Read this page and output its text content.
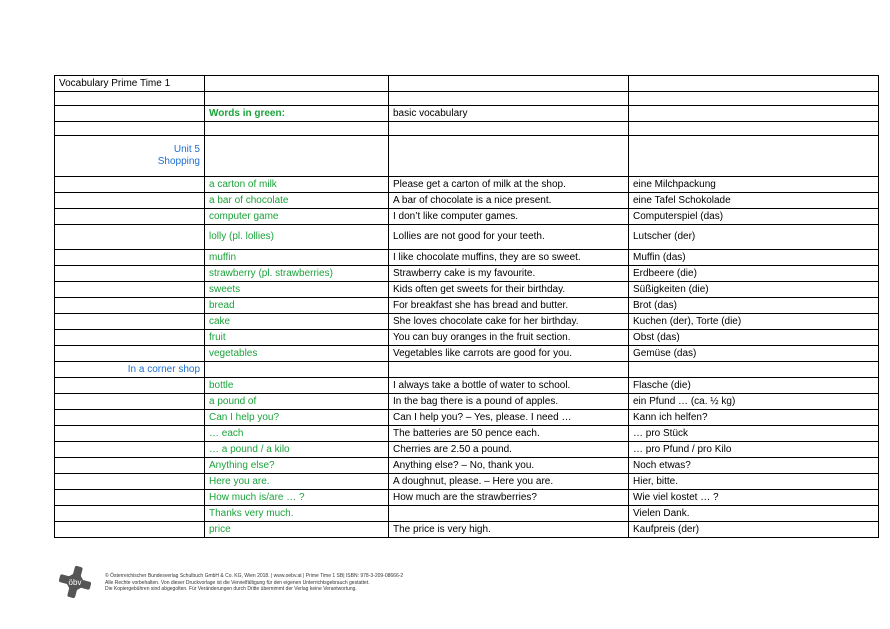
Vocabulary Prime Time 1			

	Words in green:	basic vocabulary	

Unit 5
Shopping			

	a carton of milk	Please get a carton of milk at the shop.	eine Milchpackung
	a bar of chocolate	A bar of chocolate is a nice present.	eine Tafel Schokolade
	computer game	I don’t like computer games.	Computerspiel (das)
	lolly (pl. lollies)	Lollies are not good for your teeth.	Lutscher (der)
	muffin	I like chocolate muffins, they are so sweet.	Muffin (das)
	strawberry (pl. strawberries)	Strawberry cake is my favourite.	Erdbeere (die)
	sweets	Kids often get sweets for their birthday.	Süßigkeiten (die)
	bread	For breakfast she has bread and butter.	Brot (das)
	cake	She loves chocolate cake for her birthday.	Kuchen (der), Torte (die)
	fruit	You can buy oranges in the fruit section.	Obst (das)
	vegetables	Vegetables like carrots are good for you.	Gemüse (das)
In a corner shop			
	bottle	I always take a bottle of water to school.	Flasche (die)
	a pound of	In the bag there is a pound of apples.	ein Pfund … (ca. ½ kg)
	Can I help you?	Can I help you? – Yes, please. I need …	Kann ich helfen?
	… each	The batteries are 50 pence each.	… pro Stück
	… a pound / a kilo	Cherries are 2.50 a pound.	… pro Pfund / pro Kilo
	Anything else?	Anything else? – No, thank you.	Noch etwas?
	Here you are.	A doughnut, please. – Here you are.	Hier, bitte.
	How much is/are … ?	How much are the strawberries?	Wie viel kostet … ?
	Thanks very much.		Vielen Dank.
	price	The price is very high.	Kaufpreis (der)
öbv
© Österreichischer Bundesverlag Schulbuch GmbH & Co. KG, Wien 2018. | www.oebv.at | Prime Time 1 SB| ISBN: 978-3-209-08666-2
Alle Rechte vorbehalten. Von dieser Druckvorlage ist die Vervielfältigung für den eigenen Unterrichtsgebrauch gestattet.
Die Kopiergebühren sind abgegolten. Für Veränderungen durch Dritte übernimmt der Verlag keine Verantwortung.
